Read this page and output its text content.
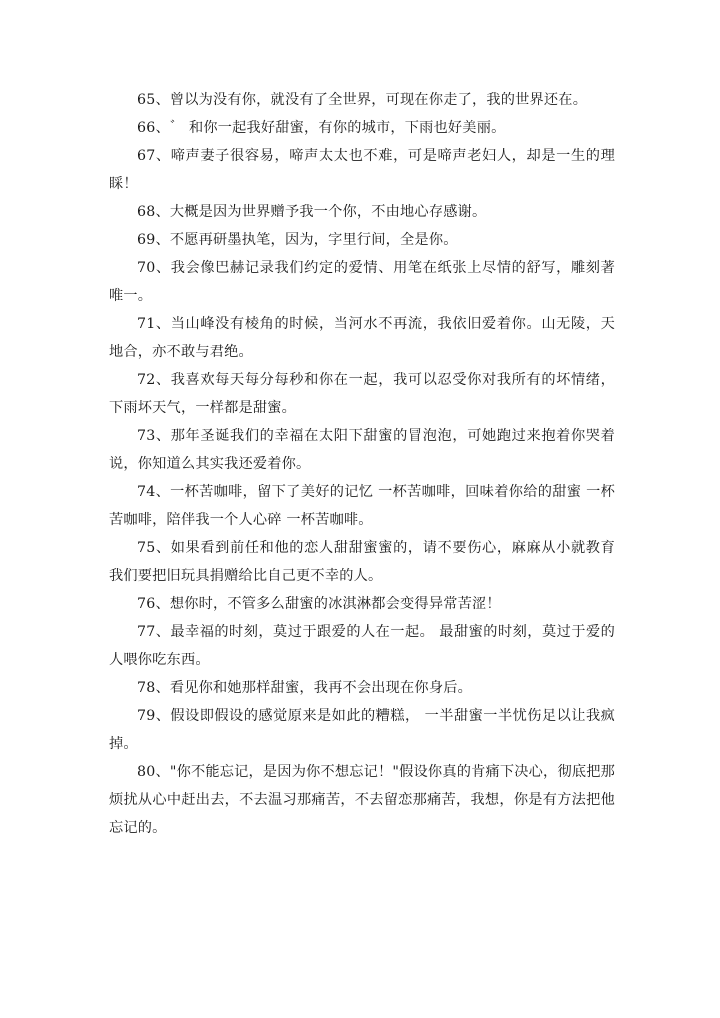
65、曾以为没有你，就没有了全世界，可现在你走了，我的世界还在。

66、゛ 和你一起我好甜蜜，有你的城市，下雨也好美丽。

67、啼声妻子很容易，啼声太太也不难，可是啼声老妇人，却是一生的理睬！

68、大概是因为世界赠予我一个你，不由地心存感谢。

69、不愿再研墨执笔，因为，字里行间，全是你。

70、我会像巴赫记录我们约定的爱情、用笔在纸张上尽情的舒写，雕刻著唯一。

71、当山峰没有棱角的时候，当河水不再流，我依旧爱着你。山无陵，天地合，亦不敢与君绝。

72、我喜欢每天每分每秒和你在一起，我可以忍受你对我所有的坏情绪，下雨坏天气，一样都是甜蜜。

73、那年圣诞我们的幸福在太阳下甜蜜的冒泡泡，可她跑过来抱着你哭着说，你知道么其实我还爱着你。

74、一杯苦咖啡，留下了美好的记忆 一杯苦咖啡，回味着你给的甜蜜 一杯苦咖啡，陪伴我一个人心碎 一杯苦咖啡。

75、如果看到前任和他的恋人甜甜蜜蜜的，请不要伤心，麻麻从小就教育我们要把旧玩具捐赠给比自己更不幸的人。

76、想你时，不管多么甜蜜的冰淇淋都会变得异常苦涩！

77、最幸福的时刻，莫过于跟爱的人在一起。 最甜蜜的时刻，莫过于爱的人喂你吃东西。

78、看见你和她那样甜蜜，我再不会出现在你身后。

79、假设即假设的感觉原来是如此的糟糕， 一半甜蜜一半忧伤足以让我疯掉。

80、"你不能忘记，是因为你不想忘记！"假设你真的肯痛下决心，彻底把那烦扰从心中赶出去，不去温习那痛苦，不去留恋那痛苦，我想，你是有方法把他忘记的。
